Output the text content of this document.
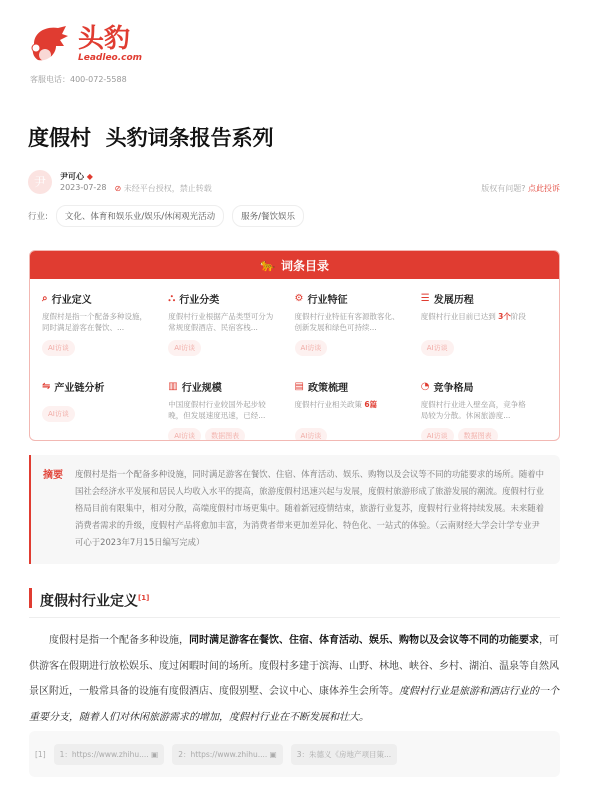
头豹
Leadleo.com
客服电话：400-072-5588
度假村  头豹词条报告系列
尹	尹可心 ◆
2023-07-28 ⊘ 未经平台授权，禁止转载	版权有问题? 点此投诉
行业:	文化、体育和娱乐业/娱乐/休闲观光活动	服务/餐饮娱乐
🐆 词条目录
⌕ 行业定义
度假村是指一个配备多种设施，同时满足游客在餐饮、...
AI访谈
⛬ 行业分类
度假村行业根据产品类型可分为常规度假酒店、民宿客栈...
AI访谈
⚙ 行业特征
度假村行业特征有客源散客化、创新发展和绿色可持续...
AI访谈
☰ 发展历程
度假村行业目前已达到 3个阶段
AI访谈
⇋ 产业链分析
AI访谈
▥ 行业规模
中国度假村行业较国外起步较晚，但发展速度迅速，已经...
AI访谈 数据图表
▤ 政策梳理
度假村行业相关政策 6篇
AI访谈
◔ 竞争格局
度假村行业进入壁垒高，竞争格局较为分散。休闲旅游度...
AI访谈 数据图表
摘要 度假村是指一个配备多种设施，同时满足游客在餐饮、住宿、体育活动、娱乐、购物以及会议等不同的功能要求的场所。随着中国社会经济水平发展和居民人均收入水平的提高，旅游度假村迅速兴起与发展，度假村旅游形成了旅游发展的潮流。度假村行业格局目前有限集中，相对分散，高端度假村市场更集中。随着新冠疫情结束，旅游行业复苏，度假村行业将持续发展。未来随着消费者需求的升级，度假村产品将愈加丰富，为消费者带来更加差异化、特色化、一站式的体验。（云南财经大学会计学专业尹可心于2023年7月15日编写完成）
度假村行业定义[1]
度假村是指一个配备多种设施，同时满足游客在餐饮、住宿、体育活动、娱乐、购物以及会议等不同的功能要求，可供游客在假期进行放松娱乐、度过闲暇时间的场所。度假村多建于滨海、山野、林地、峡谷、乡村、湖泊、温泉等自然风景区附近，一般常具备的设施有度假酒店、度假别墅、会议中心、康体养生会所等。度假村行业是旅游和酒店行业的一个重要分支，随着人们对休闲旅游需求的增加，度假村行业在不断发展和壮大。
[1]	1：https://www.zhihu.... ▣	2：https://www.zhihu.... ▣	3：朱德义《房地产项目策...
